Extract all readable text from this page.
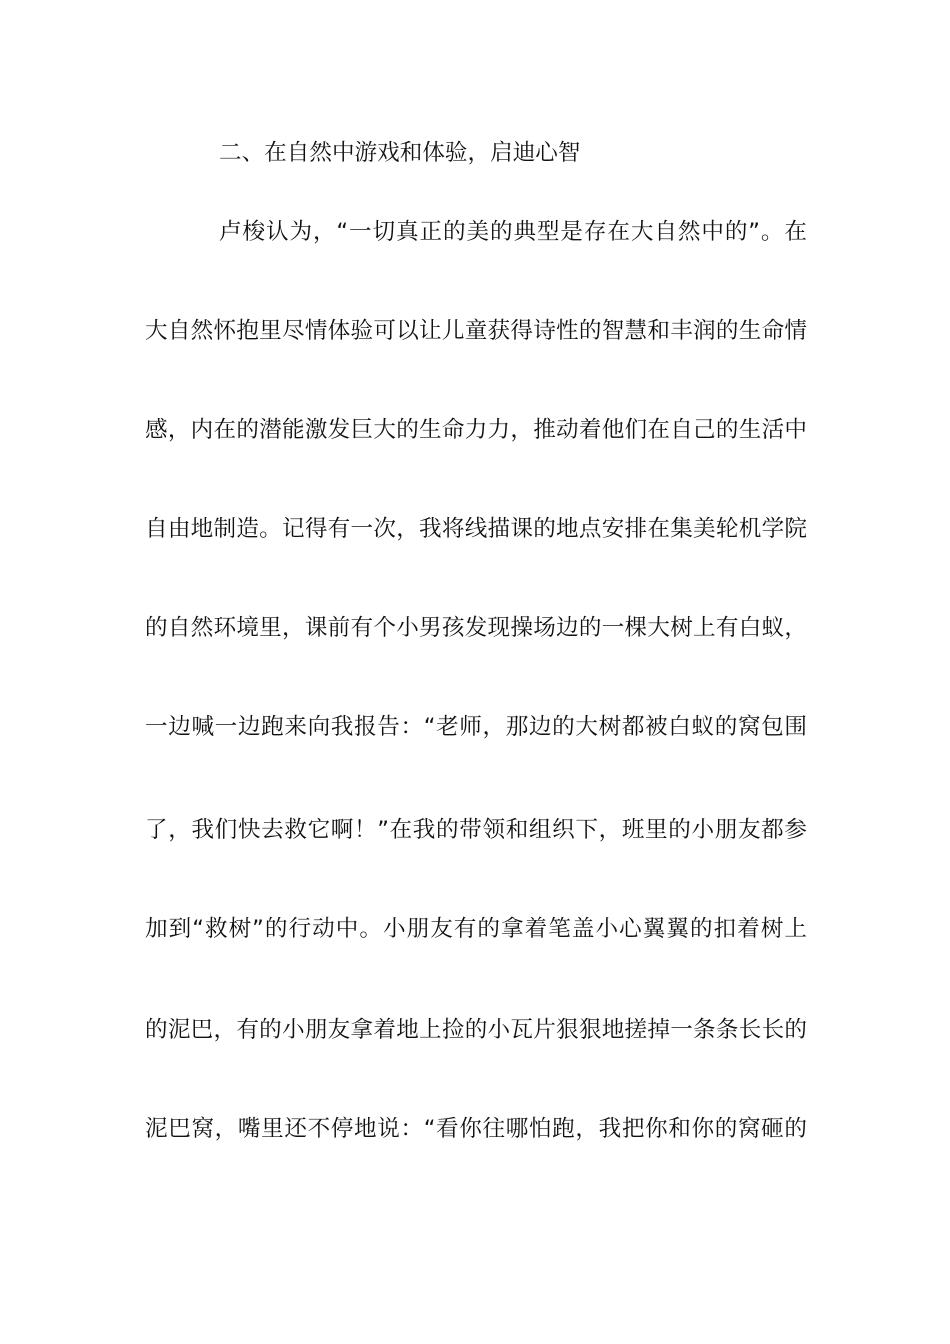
二、在自然中游戏和体验，启迪心智
卢梭认为，“一切真正的美的典型是存在大自然中的”。在
大自然怀抱里尽情体验可以让儿童获得诗性的智慧和丰润的生命情
感，内在的潜能激发巨大的生命力力，推动着他们在自己的生活中
自由地制造。记得有一次，我将线描课的地点安排在集美轮机学院
的自然环境里，课前有个小男孩发现操场边的一棵大树上有白蚁，
一边喊一边跑来向我报告：“老师，那边的大树都被白蚁的窝包围
了，我们快去救它啊！”在我的带领和组织下，班里的小朋友都参
加到“救树”的行动中。小朋友有的拿着笔盖小心翼翼的扣着树上
的泥巴，有的小朋友拿着地上捡的小瓦片狠狠地搓掉一条条长长的
泥巴窝，嘴里还不停地说：“看你往哪怕跑，我把你和你的窝砸的
